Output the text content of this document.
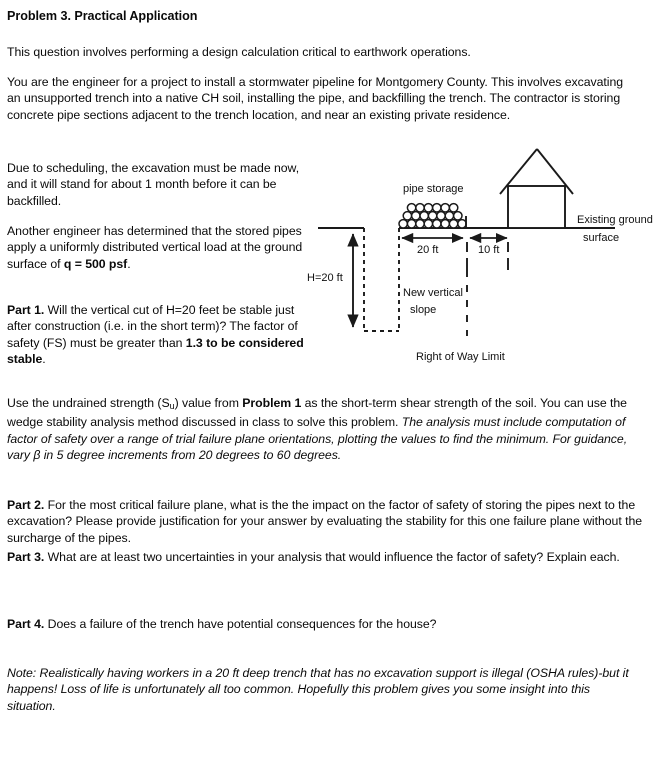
Problem 3. Practical Application
This question involves performing a design calculation critical to earthwork operations.
You are the engineer for a project to install a stormwater pipeline for Montgomery County. This involves excavating an unsupported trench into a native CH soil, installing the pipe, and backfilling the trench. The contractor is storing concrete pipe sections adjacent to the trench location, and near an existing private residence.
Due to scheduling, the excavation must be made now, and it will stand for about 1 month before it can be backfilled.
Another engineer has determined that the stored pipes apply a uniformly distributed vertical load at the ground surface of q = 500 psf.
Part 1. Will the vertical cut of H=20 feet be stable just after construction (i.e. in the short term)? The factor of safety (FS) must be greater than 1.3 to be considered stable.
Use the undrained strength $(S_u)$ value from Problem 1 as the short-term shear strength of the soil. You can use the wedge stability analysis method discussed in class to solve this problem. The analysis must include computation of factor of safety over a range of trial failure plane orientations, plotting the values to find the minimum. For guidance, vary β in 5 degree increments from 20 degrees to 60 degrees.
Part 2. For the most critical failure plane, what is the the impact on the factor of safety of storing the pipes next to the excavation? Please provide justification for your answer by evaluating the stability for this one failure plane without the surcharge of the pipes.
Part 3. What are at least two uncertainties in your analysis that would influence the factor of safety? Explain each.
Part 4. Does a failure of the trench have potential consequences for the house?
Note: Realistically having workers in a 20 ft deep trench that has no excavation support is illegal (OSHA rules)-but it happens! Loss of life is unfortunately all too common. Hopefully this problem gives you some insight into this situation.
H=20 ft
pipe storage
20 ft	10 ft
Right of Way Limit
New vertical
slope
Existing ground
surface
